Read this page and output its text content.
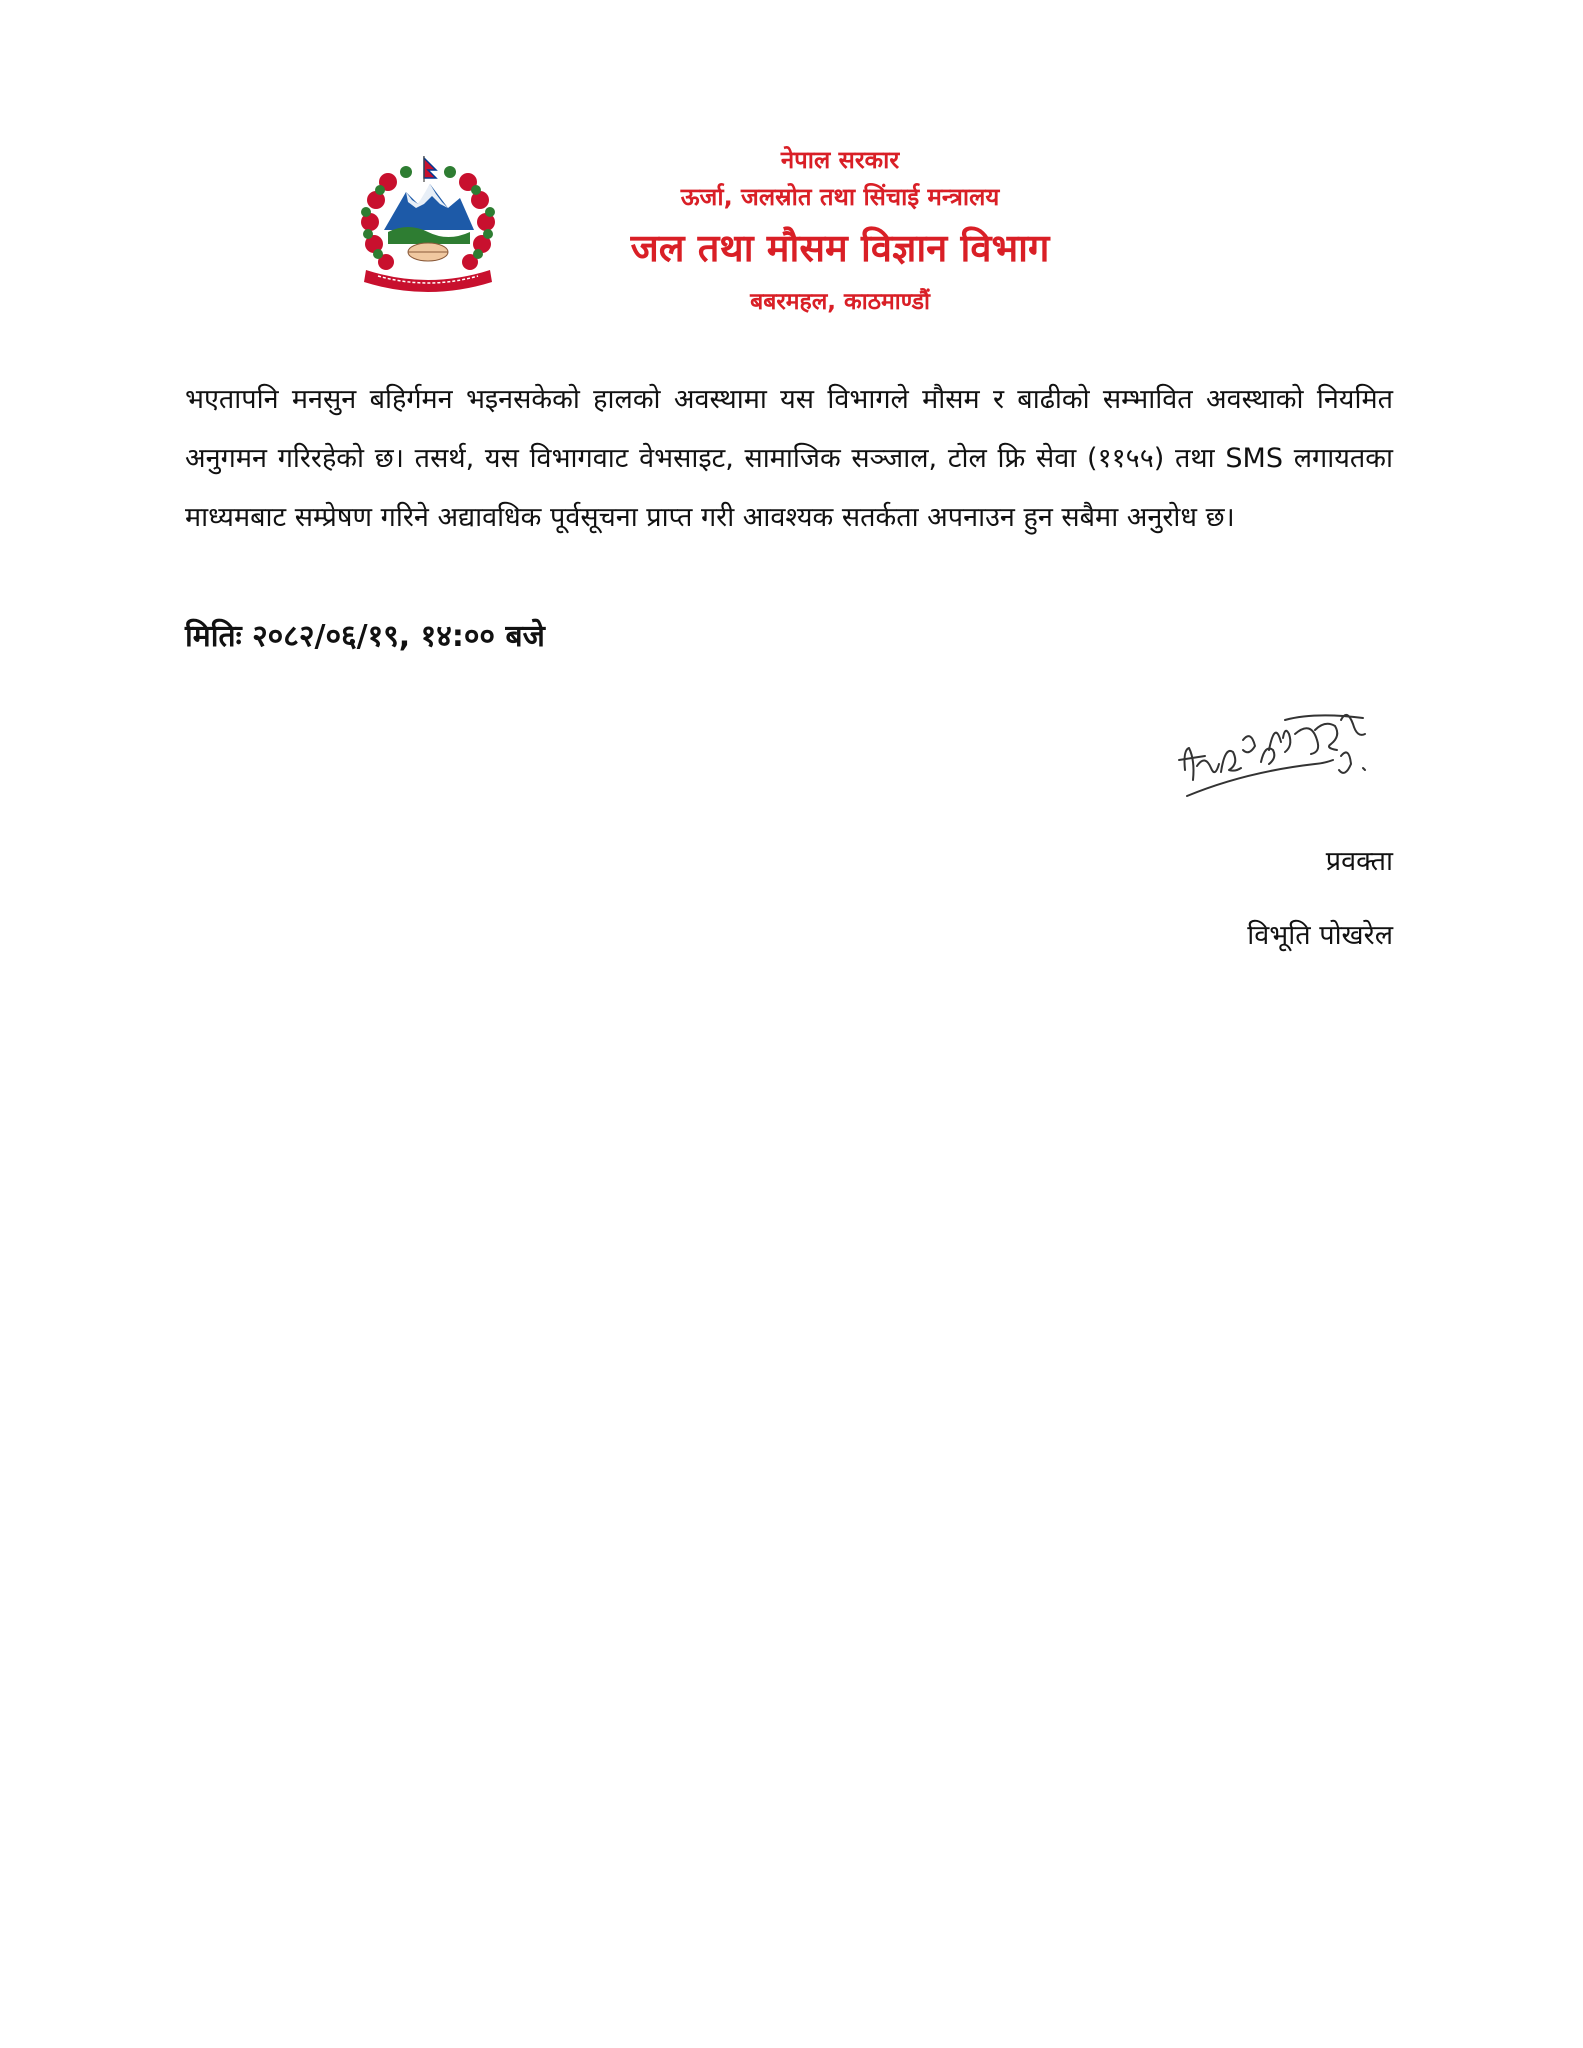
नेपाल सरकार
ऊर्जा, जलस्रोत तथा सिंचाई मन्त्रालय
जल तथा मौसम विज्ञान विभाग
बबरमहल, काठमाण्डौं

भएतापनि मनसुन बहिर्गमन भइनसकेको हालको अवस्थामा यस विभागले मौसम र बाढीको सम्भावित अवस्थाको नियमित अनुगमन गरिरहेको छ। तसर्थ, यस विभागवाट वेभसाइट, सामाजिक सञ्जाल, टोल फ्रि सेवा (११५५) तथा SMS लगायतका माध्यमबाट सम्प्रेषण गरिने अद्यावधिक पूर्वसूचना प्राप्त गरी आवश्यक सतर्कता अपनाउन हुन सबैमा अनुरोध छ।

मितिः २०८२/०६/१९, १४:०० बजे
प्रवक्ता
विभूति पोखरेल
